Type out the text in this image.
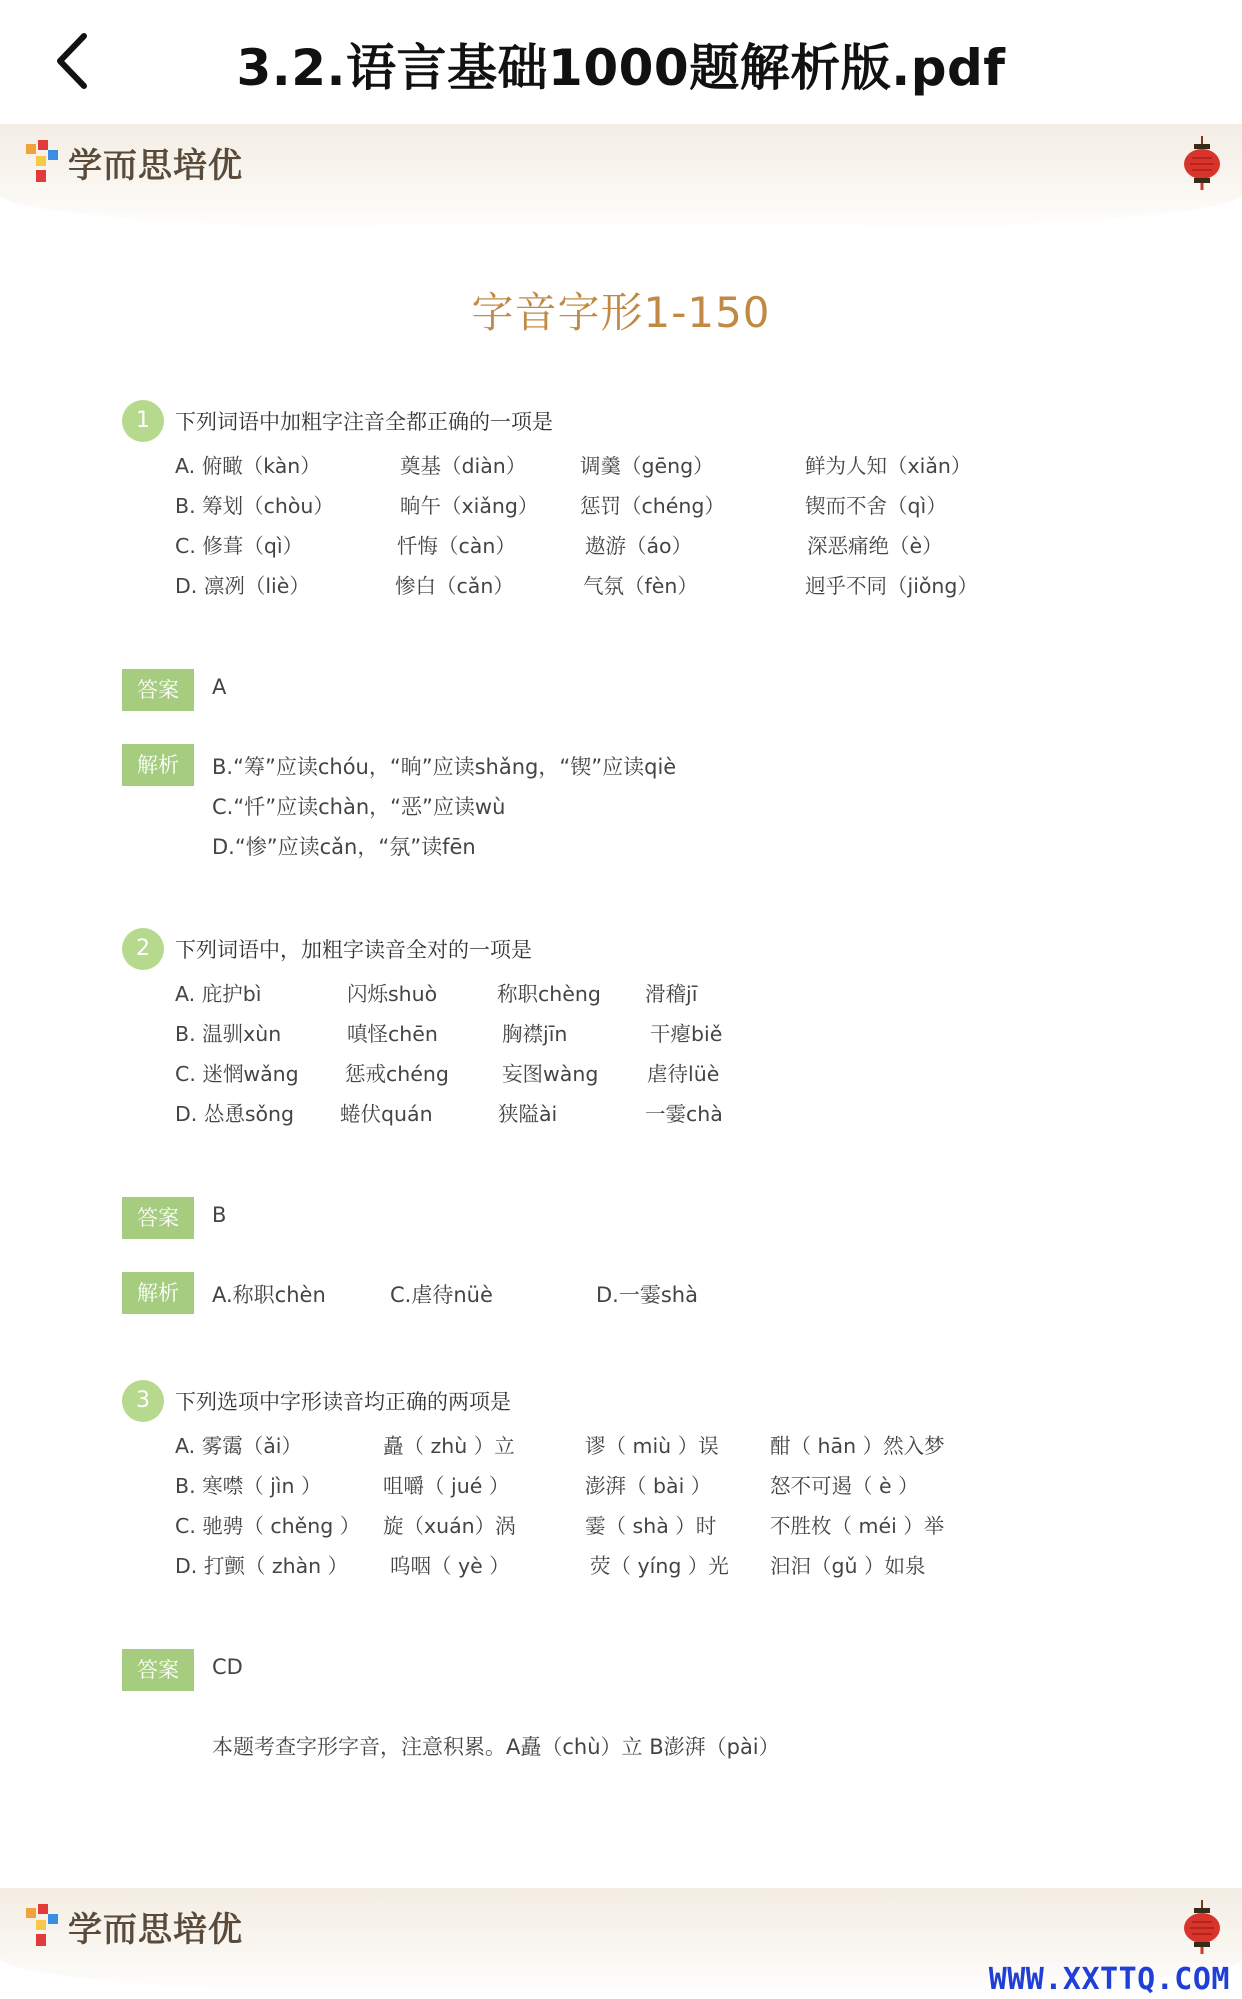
3.2.语言基础1000题解析版.pdf
学而思培优
字音字形1-150
1	下列词语中加粗字注音全都正确的一项是
A. 俯瞰（kàn）	奠基（diàn）	调羹（gēng）	鲜为人知（xiǎn）
B. 筹划（chòu）	晌午（xiǎng） 惩罚（chéng）	锲而不舍（qì）
C. 修葺（qì）	忏悔（càn）	遨游（áo）	深恶痛绝（è）
D. 凛冽（liè）	惨白（cǎn）	气氛（fèn）	迥乎不同（jiǒng）
答案	A
解析	B.“筹”应读chóu，“晌”应读shǎng，“锲”应读qiè
C.“忏”应读chàn，“恶”应读wù
D.“惨”应读cǎn，“氛”读fēn
2	下列词语中，加粗字读音全对的一项是
A. 庇护bì	闪烁shuò	称职chèng 滑稽jī
B. 温驯xùn	嗔怪chēn	胸襟jīn	干瘪biě
C. 迷惘wǎng 惩戒chéng	妄图wàng 虐待lüè
D. 怂恿sǒng 蜷伏quán	狭隘ài	一霎chà
答案	B
解析	A.称职chèn	C.虐待nüè	D.一霎shà
3	下列选项中字形读音均正确的两项是
A. 雾霭（ǎi）	矗（ zhù ）立	谬（ miù ）误	酣（ hān ）然入梦
B. 寒噤（ jìn ）	咀嚼（ jué ）	澎湃（ bài ）	怒不可遏（ è ）
C. 驰骋（ chěng ） 旋（xuán）涡	霎（ shà ）时	不胜枚（ méi ）举
D. 打颤（ zhàn ） 呜咽（ yè ）	荧（ yíng ）光 汩汩（gǔ ）如泉
答案	CD
本题考查字形字音，注意积累。A矗（chù）立 B澎湃（pài）
学而思培优
WWW.XXTTQ.COM
